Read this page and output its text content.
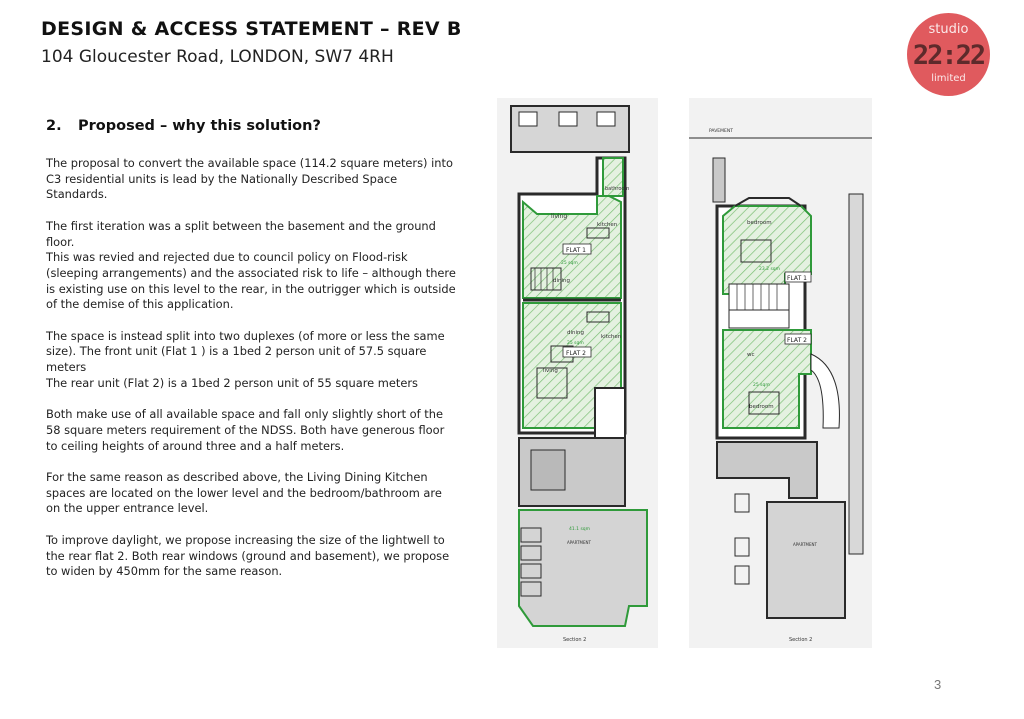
DESIGN & ACCESS STATEMENT – REV B
104 Gloucester Road, LONDON, SW7 4RH
studio
22:22
limited
2. Proposed – why this solution?

The proposal to convert the available space (114.2 square meters) into C3 residential units is lead by the Nationally Described Space Standards.

The first iteration was a split between the basement and the ground floor.

This was revied and rejected due to council policy on Flood-risk (sleeping arrangements) and the associated risk to life – although there is existing use on this level to the rear, in the outrigger which is outside of the demise of this application.

The space is instead split into two duplexes (of more or less the same size). The front unit (Flat 1 ) is a 1bed 2 person unit of 57.5 square meters

The rear unit (Flat 2) is a 1bed 2 person unit of 55 square meters

Both make use of all available space and fall only slightly short of the 58 square meters requirement of the NDSS. Both have generous floor to ceiling heights of around three and a half meters.

For the same reason as described above, the Living Dining Kitchen spaces are located on the lower level and the bedroom/bathroom are on the upper entrance level.

To improve daylight, we propose increasing the size of the lightwell to the rear flat 2. Both rear windows (ground and basement), we propose to widen by 450mm for the same reason.

bathroom
living
kitchen
FLAT 1
25 sqm
dining
dining
kitchen
25 sqm
FLAT 2
living
41.1 sqm
APARTMENT
Section 2
PAVEMENT
bedroom
23.2 sqm
FLAT 1
FLAT 2
wc
25 sqm
bedroom
APARTMENT
Section 2
3
